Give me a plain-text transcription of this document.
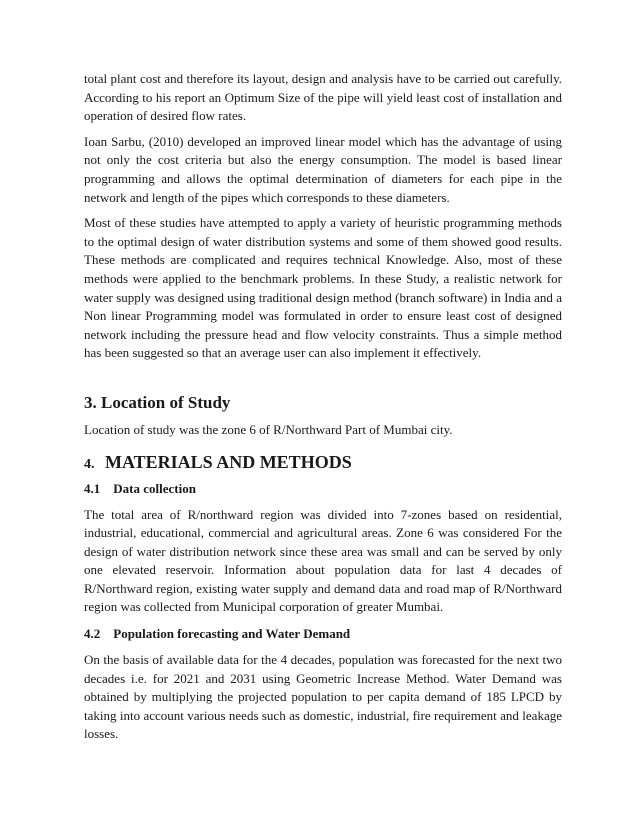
total plant cost and therefore its layout, design and analysis have to be carried out carefully. According to his report an Optimum Size of the pipe will yield least cost of installation and operation of desired flow rates.

Ioan Sarbu, (2010) developed an improved linear model which has the advantage of using not only the cost criteria but also the energy consumption. The model is based linear programming and allows the optimal determination of diameters for each pipe in the network and length of the pipes which corresponds to these diameters.

Most of these studies have attempted to apply a variety of heuristic programming methods to the optimal design of water distribution systems and some of them showed good results. These methods are complicated and requires technical Knowledge. Also, most of these methods were applied to the benchmark problems. In these Study, a realistic network for water supply was designed using traditional design method (branch software) in India and a Non linear Programming model was formulated in order to ensure least cost of designed network including the pressure head and flow velocity constraints. Thus a simple method has been suggested so that an average user can also implement it effectively.

3. Location of Study

Location of study was the zone 6 of R/Northward Part of Mumbai city.

4. MATERIALS AND METHODS
4.1 Data collection

The total area of R/northward region was divided into 7-zones based on residential, industrial, educational, commercial and agricultural areas. Zone 6 was considered For the design of water distribution network since these area was small and can be served by only one elevated reservoir. Information about population data for last 4 decades of R/Northward region, existing water supply and demand data and road map of R/Northward region was collected from Municipal corporation of greater Mumbai.

4.2 Population forecasting and Water Demand

On the basis of available data for the 4 decades, population was forecasted for the next two decades i.e. for 2021 and 2031 using Geometric Increase Method. Water Demand was obtained by multiplying the projected population to per capita demand of 185 LPCD by taking into account various needs such as domestic, industrial, fire requirement and leakage losses.
